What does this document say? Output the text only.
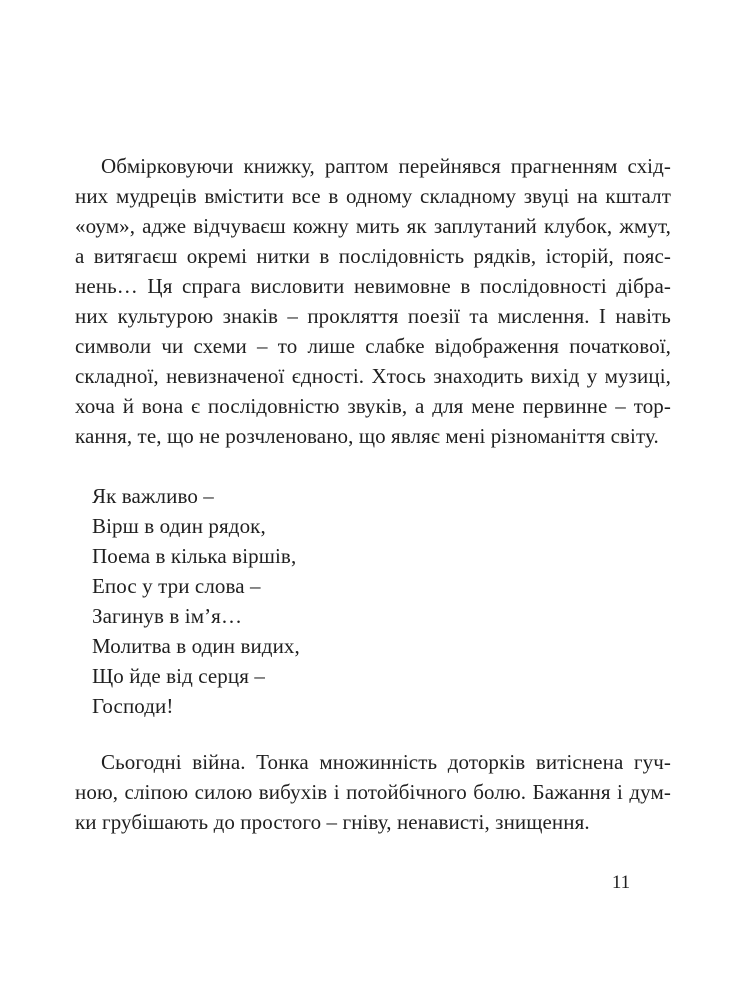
Обмірковуючи книжку, раптом перейнявся прагненням схід-
них мудреців вмістити все в одному складному звуці на кшталт
«оум», адже відчуваєш кожну мить як заплутаний клубок, жмут,
а витягаєш окремі нитки в послідовність рядків, історій, пояс-
нень… Ця спрага висловити невимовне в послідовності дібра-
них культурою знаків – прокляття поезії та мислення. І навіть
символи чи схеми – то лише слабке відображення початкової,
складної, невизначеної єдності. Хтось знаходить вихід у музиці,
хоча й вона є послідовністю звуків, а для мене первинне – тор-
кання, те, що не розчленовано, що являє мені різноманіття світу.
Як важливо –
Вірш в один рядок,
Поема в кілька віршів,
Епос у три слова –
Загинув в ім’я…
Молитва в один видих,
Що йде від серця –
Господи!
Сьогодні війна. Тонка множинність доторків витіснена гуч-
ною, сліпою силою вибухів і потойбічного болю. Бажання і дум-
ки грубішають до простого – гніву, ненависті, знищення.
11
